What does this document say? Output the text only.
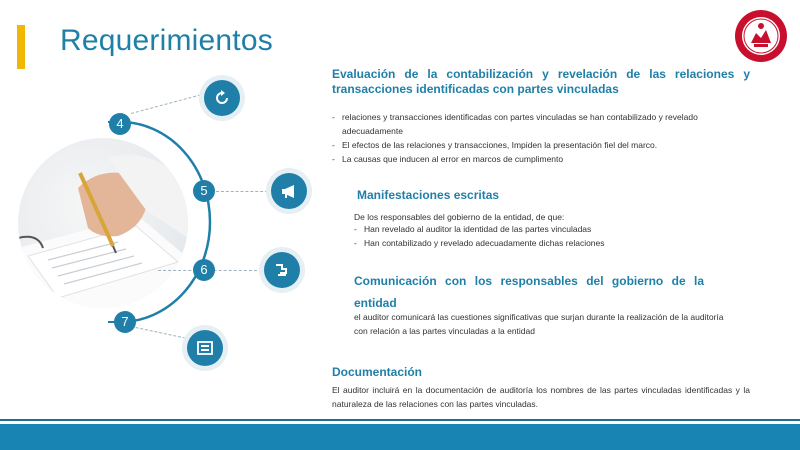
Requerimientos
4
5
6
7
Evaluación de la contabilización y revelación de las relaciones y transacciones identificadas con partes vinculadas
- relaciones y transacciones identificadas con partes vinculadas se han contabilizado y revelado adecuadamente
- El efectos de las relaciones y transacciones, Impiden la presentación fiel del marco.
- La causas que inducen al error en marcos de cumplimento
Manifestaciones escritas
De los responsables del gobierno de la entidad, de que:
- Han revelado al auditor la identidad de las partes vinculadas
- Han contabilizado y revelado adecuadamente dichas relaciones
Comunicación con los responsables del gobierno de la entidad
el auditor comunicará las cuestiones significativas que surjan durante la realización de la auditoría con relación a las partes vinculadas a la entidad
Documentación
El auditor incluirá en la documentación de auditoría los nombres de las partes vinculadas identificadas y la naturaleza de las relaciones con las partes vinculadas.
